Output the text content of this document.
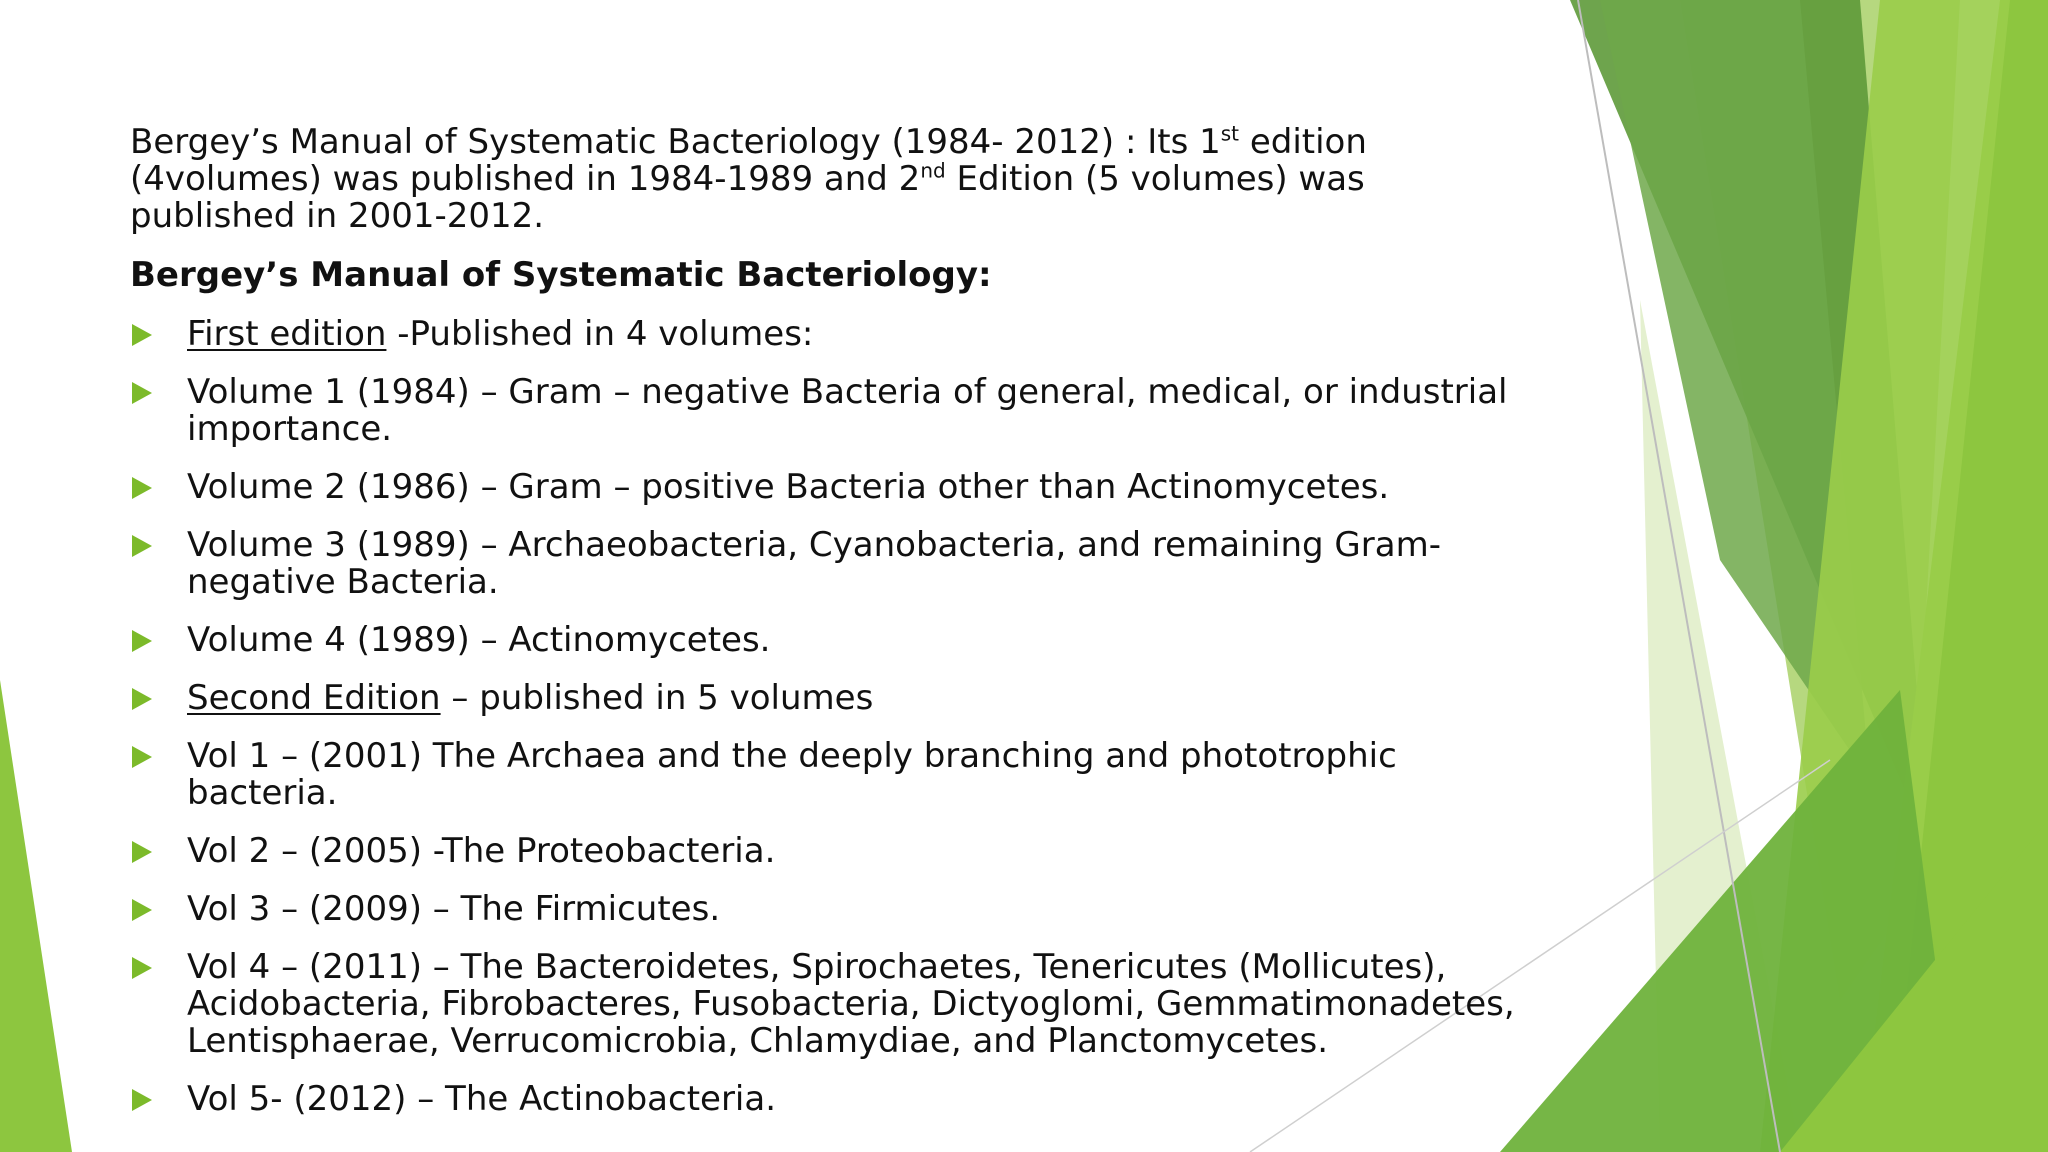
Bergey’s Manual of Systematic Bacteriology (1984- 2012) : Its 1st edition (4volumes) was published in 1984-1989 and 2nd Edition (5 volumes) was published in 2001-2012.
Bergey’s Manual of Systematic Bacteriology:
First edition -Published in 4 volumes:
Volume 1 (1984) – Gram – negative Bacteria of general, medical, or industrial importance.
Volume 2 (1986) – Gram – positive Bacteria other than Actinomycetes.
Volume 3 (1989) – Archaeobacteria, Cyanobacteria, and remaining Gram-negative Bacteria.
Volume 4 (1989) – Actinomycetes.
Second Edition – published in 5 volumes
Vol 1 – (2001) The Archaea and the deeply branching and phototrophic bacteria.
Vol 2 – (2005) -The Proteobacteria.
Vol 3 – (2009) – The Firmicutes.
Vol 4 – (2011) – The Bacteroidetes, Spirochaetes, Tenericutes (Mollicutes), Acidobacteria, Fibrobacteres, Fusobacteria, Dictyoglomi, Gemmatimonadetes, Lentisphaerae, Verrucomicrobia, Chlamydiae, and Planctomycetes.
Vol 5- (2012) – The Actinobacteria.
